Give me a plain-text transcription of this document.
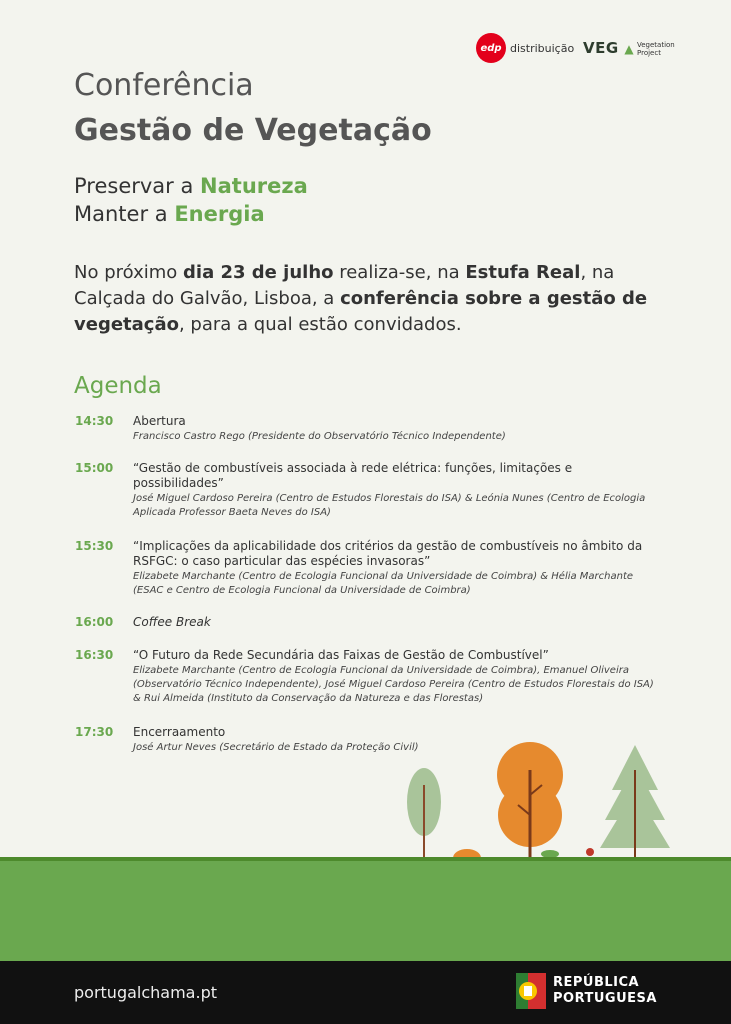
edp distribuição VEG ▲ Vegetation
Project
Conferência
Gestão de Vegetação
Preservar a Natureza
Manter a Energia
No próximo dia 23 de julho realiza-se, na Estufa Real, na Calçada do Galvão, Lisboa, a conferência sobre a gestão de vegetação, para a qual estão convidados.
Agenda
14:30 Abertura
Francisco Castro Rego (Presidente do Observatório Técnico Independente)
15:00 “Gestão de combustíveis associada à rede elétrica: funções, limitações e possibilidades”
José Miguel Cardoso Pereira (Centro de Estudos Florestais do ISA) & Leónia Nunes (Centro de Ecologia Aplicada Professor Baeta Neves do ISA)
15:30 “Implicações da aplicabilidade dos critérios da gestão de combustíveis no âmbito da RSFGC: o caso particular das espécies invasoras”
Elizabete Marchante (Centro de Ecologia Funcional da Universidade de Coimbra) & Hélia Marchante (ESAC e Centro de Ecologia Funcional da Universidade de Coimbra)
16:00 Coffee Break
16:30 “O Futuro da Rede Secundária das Faixas de Gestão de Combustível”
Elizabete Marchante (Centro de Ecologia Funcional da Universidade de Coimbra), Emanuel Oliveira (Observatório Técnico Independente), José Miguel Cardoso Pereira (Centro de Estudos Florestais do ISA) & Rui Almeida (Instituto da Conservação da Natureza e das Florestas)
17:30 Encerraamento
José Artur Neves (Secretário de Estado da Proteção Civil)
portugalchama.pt
REPÚBLICA
PORTUGUESA
